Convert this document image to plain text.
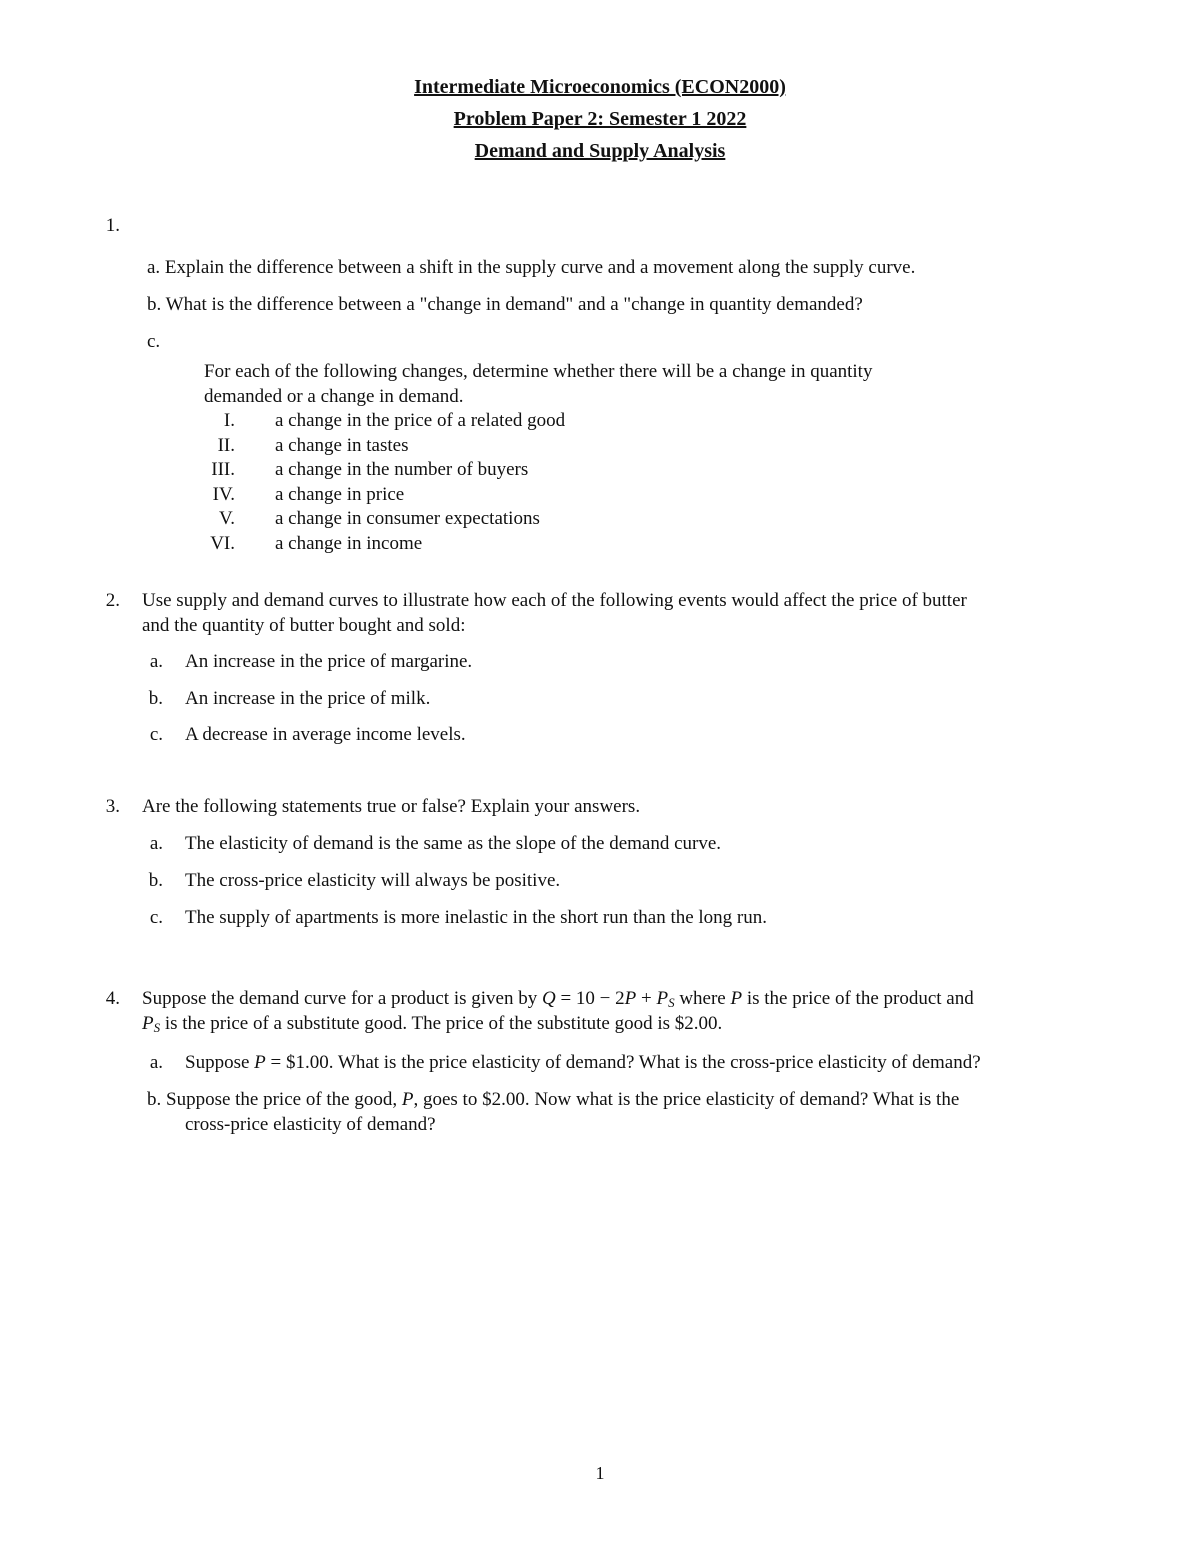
Intermediate Microeconomics (ECON2000)
Problem Paper 2: Semester 1 2022
Demand and Supply Analysis
1.
a. Explain the difference between a shift in the supply curve and a movement along the supply curve.
b. What is the difference between a "change in demand" and a "change in quantity demanded?
c.
For each of the following changes, determine whether there will be a change in quantity
demanded or a change in demand.
I. a change in the price of a related good
II. a change in tastes
III. a change in the number of buyers
IV. a change in price
V. a change in consumer expectations
VI. a change in income
2. Use supply and demand curves to illustrate how each of the following events would affect the price of butter
and the quantity of butter bought and sold:
a. An increase in the price of margarine.
b. An increase in the price of milk.
c. A decrease in average income levels.
3. Are the following statements true or false? Explain your answers.
a. The elasticity of demand is the same as the slope of the demand curve.
b. The cross-price elasticity will always be positive.
c. The supply of apartments is more inelastic in the short run than the long run.
4. Suppose the demand curve for a product is given by $Q = 10 - 2P + P_S$ where P is the price of the product and
$P_S$ is the price of a substitute good. The price of the substitute good is $2.00.
a. Suppose P = $1.00. What is the price elasticity of demand? What is the cross-price elasticity of demand?
b. Suppose the price of the good, P, goes to $2.00. Now what is the price elasticity of demand? What is the
cross-price elasticity of demand?
1
